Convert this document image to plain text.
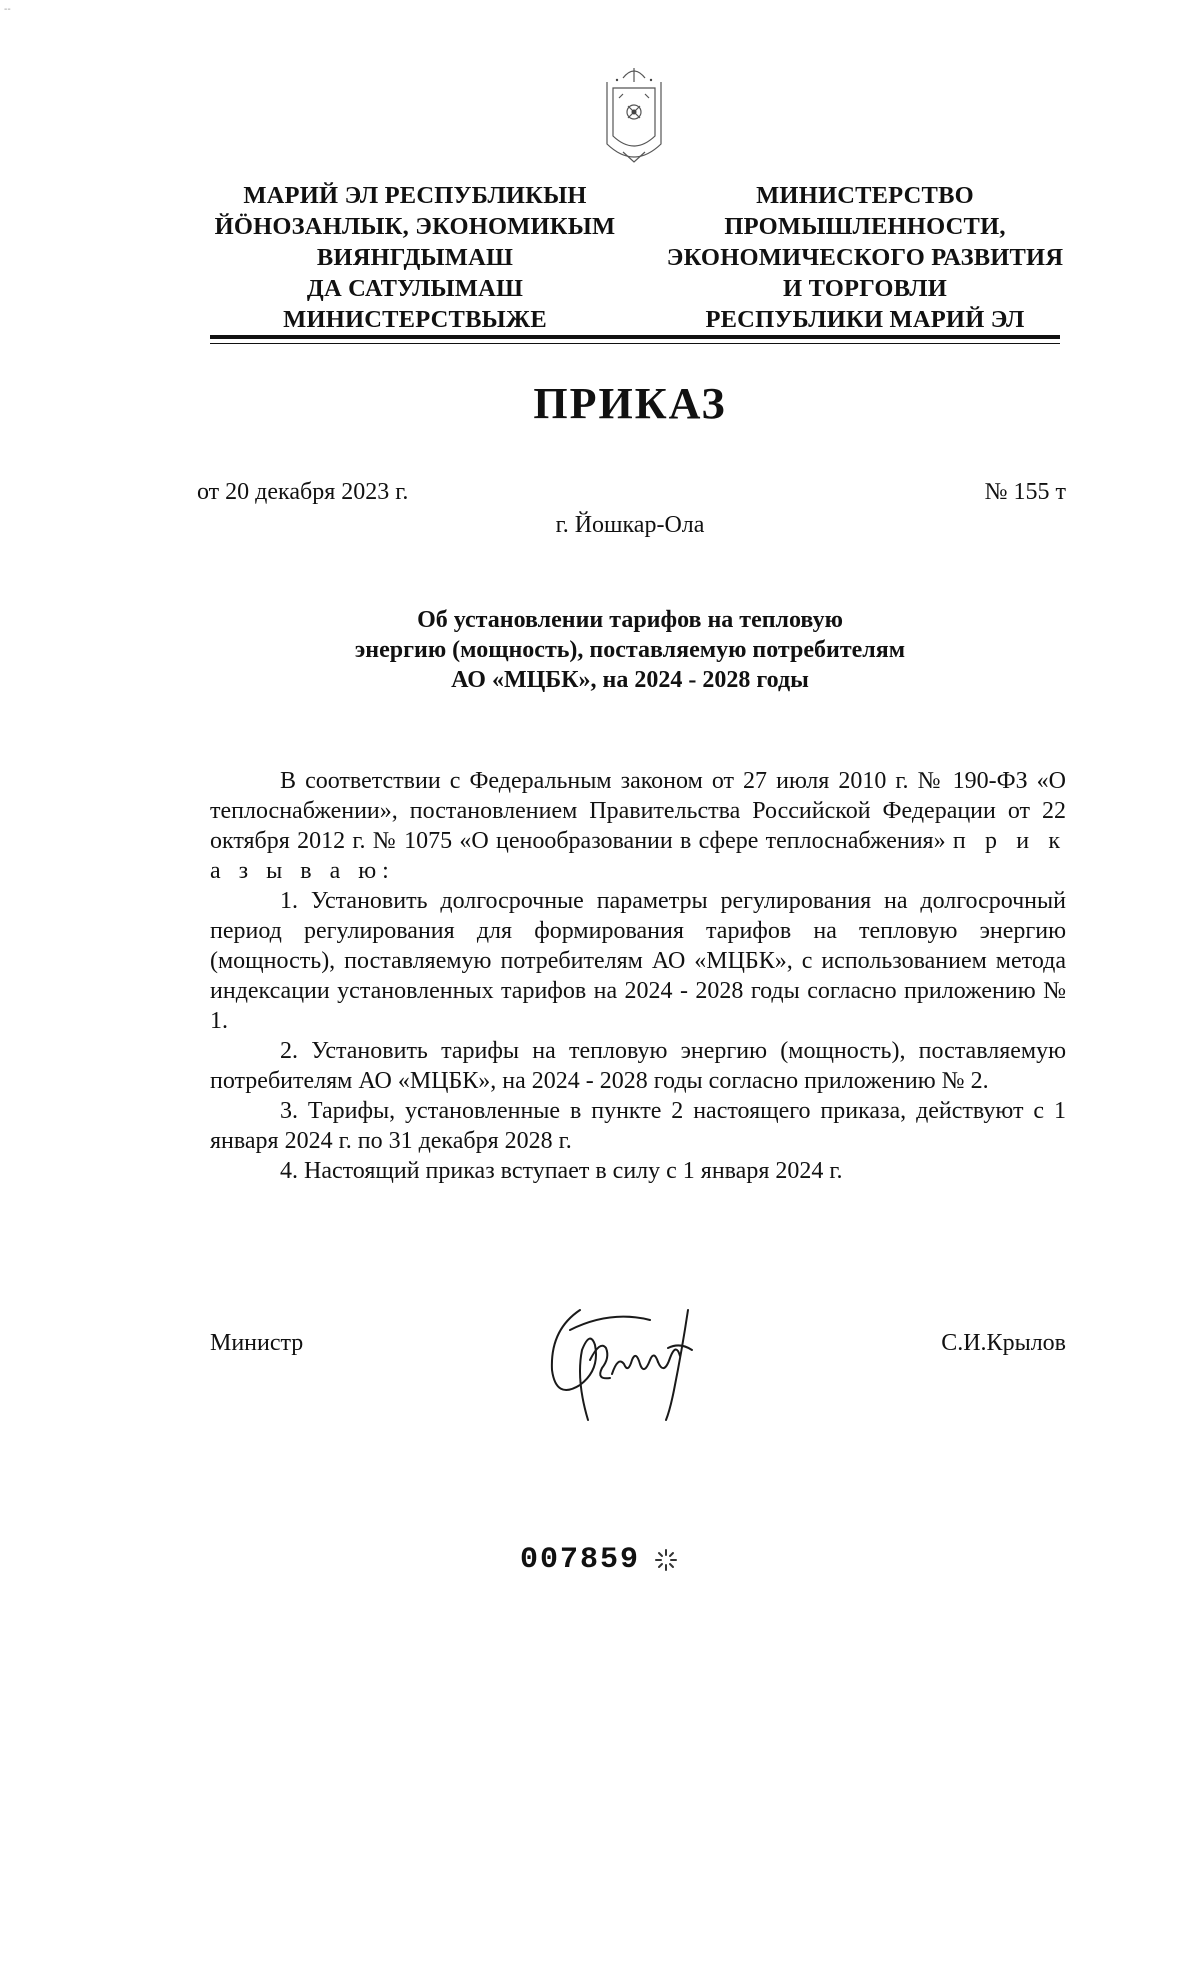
--
МАРИЙ ЭЛ РЕСПУБЛИКЫН
ЙӦНОЗАНЛЫК, ЭКОНОМИКЫМ
ВИЯНГДЫМАШ
ДА САТУЛЫМАШ
МИНИСТЕРСТВЫЖЕ
МИНИСТЕРСТВО
ПРОМЫШЛЕННОСТИ,
ЭКОНОМИЧЕСКОГО РАЗВИТИЯ
И ТОРГОВЛИ
РЕСПУБЛИКИ МАРИЙ ЭЛ
ПРИКАЗ
от 20 декабря 2023 г.	№ 155 т
г. Йошкар-Ола
Об установлении тарифов на тепловую
энергию (мощность), поставляемую потребителям
АО «МЦБК», на 2024 - 2028 годы

В соответствии с Федеральным законом от 27 июля 2010 г. № 190-ФЗ «О теплоснабжении», постановлением Правительства Российской Федерации от 22 октября 2012 г. № 1075 «О ценообразовании в сфере теплоснабжения» п р и к а з ы в а ю:

1. Установить долгосрочные параметры регулирования на долгосрочный период регулирования для формирования тарифов на тепловую энергию (мощность), поставляемую потребителям АО «МЦБК», с использованием метода индексации установленных тарифов на 2024 - 2028 годы согласно приложению № 1.

2. Установить тарифы на тепловую энергию (мощность), поставляемую потребителям АО «МЦБК», на 2024 - 2028 годы согласно приложению № 2.

3. Тарифы, установленные в пункте 2 настоящего приказа, действуют с 1 января 2024 г. по 31 декабря 2028 г.

4. Настоящий приказ вступает в силу с 1 января 2024 г.

Министр	С.И.Крылов
007859
